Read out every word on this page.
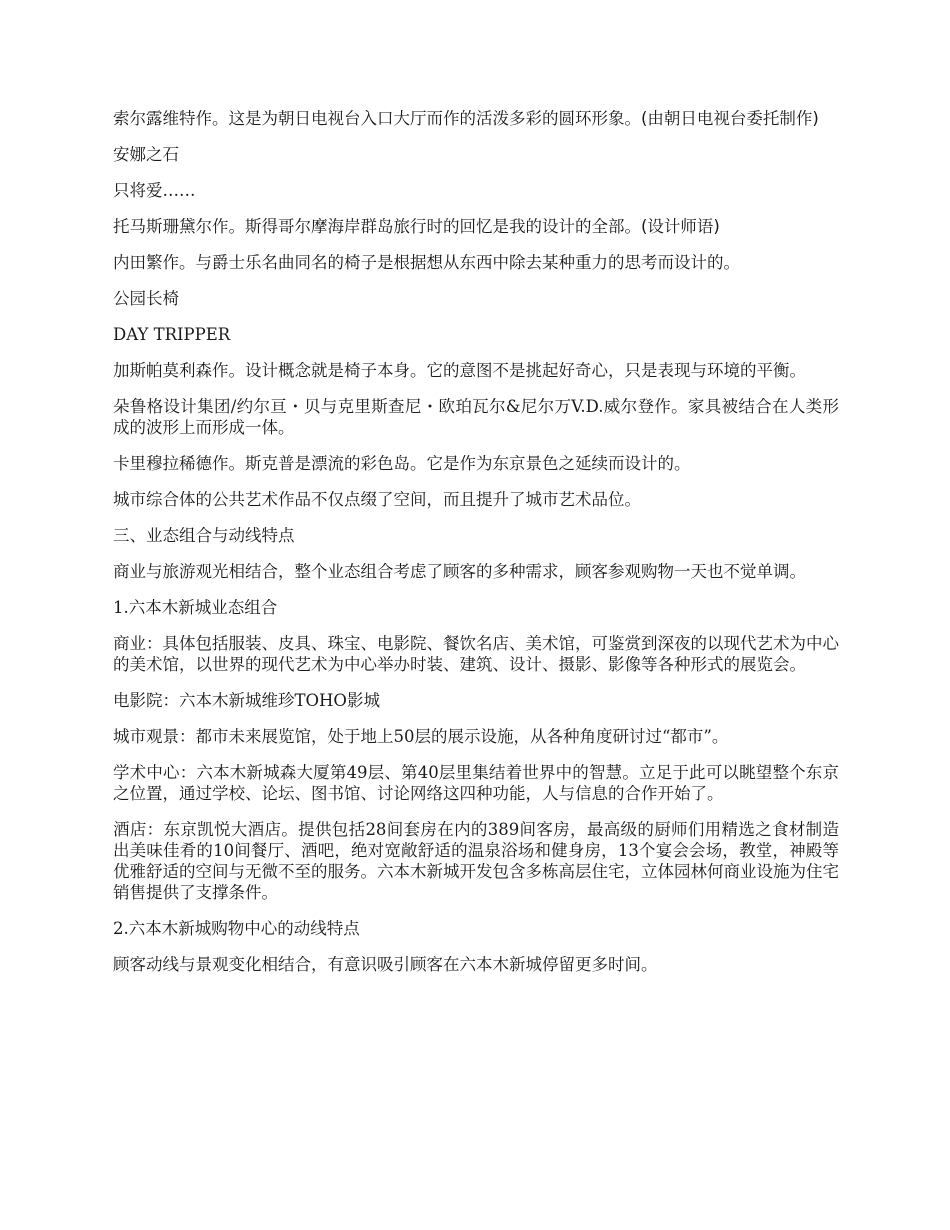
索尔露维特作。这是为朝日电视台入口大厅而作的活泼多彩的圆环形象。(由朝日电视台委托制作)

安娜之石

只将爱……

托马斯珊黛尔作。斯得哥尔摩海岸群岛旅行时的回忆是我的设计的全部。(设计师语)

内田繁作。与爵士乐名曲同名的椅子是根据想从东西中除去某种重力的思考而设计的。

公园长椅

DAY TRIPPER

加斯帕莫利森作。设计概念就是椅子本身。它的意图不是挑起好奇心，只是表现与环境的平衡。

朵鲁格设计集团/约尔亘・贝与克里斯查尼・欧珀瓦尔&尼尔万V.D.威尔登作。家具被结合在人类形成的波形上而形成一体。

卡里穆拉稀德作。斯克普是漂流的彩色岛。它是作为东京景色之延续而设计的。

城市综合体的公共艺术作品不仅点缀了空间，而且提升了城市艺术品位。

三、业态组合与动线特点

商业与旅游观光相结合，整个业态组合考虑了顾客的多种需求，顾客参观购物一天也不觉单调。

1.六本木新城业态组合

商业：具体包括服装、皮具、珠宝、电影院、餐饮名店、美术馆，可鉴赏到深夜的以现代艺术为中心的美术馆，以世界的现代艺术为中心举办时装、建筑、设计、摄影、影像等各种形式的展览会。

电影院：六本木新城维珍TOHO影城

城市观景：都市未来展览馆，处于地上50层的展示设施，从各种角度研讨过“都市”。

学术中心：六本木新城森大厦第49层、第40层里集结着世界中的智慧。立足于此可以眺望整个东京之位置，通过学校、论坛、图书馆、讨论网络这四种功能，人与信息的合作开始了。

酒店：东京凯悦大酒店。提供包括28间套房在内的389间客房，最高级的厨师们用精选之食材制造出美味佳肴的10间餐厅、酒吧，绝对宽敞舒适的温泉浴场和健身房，13个宴会会场，教堂，神殿等优雅舒适的空间与无微不至的服务。六本木新城开发包含多栋高层住宅，立体园林何商业设施为住宅销售提供了支撑条件。

2.六本木新城购物中心的动线特点

顾客动线与景观变化相结合，有意识吸引顾客在六本木新城停留更多时间。
